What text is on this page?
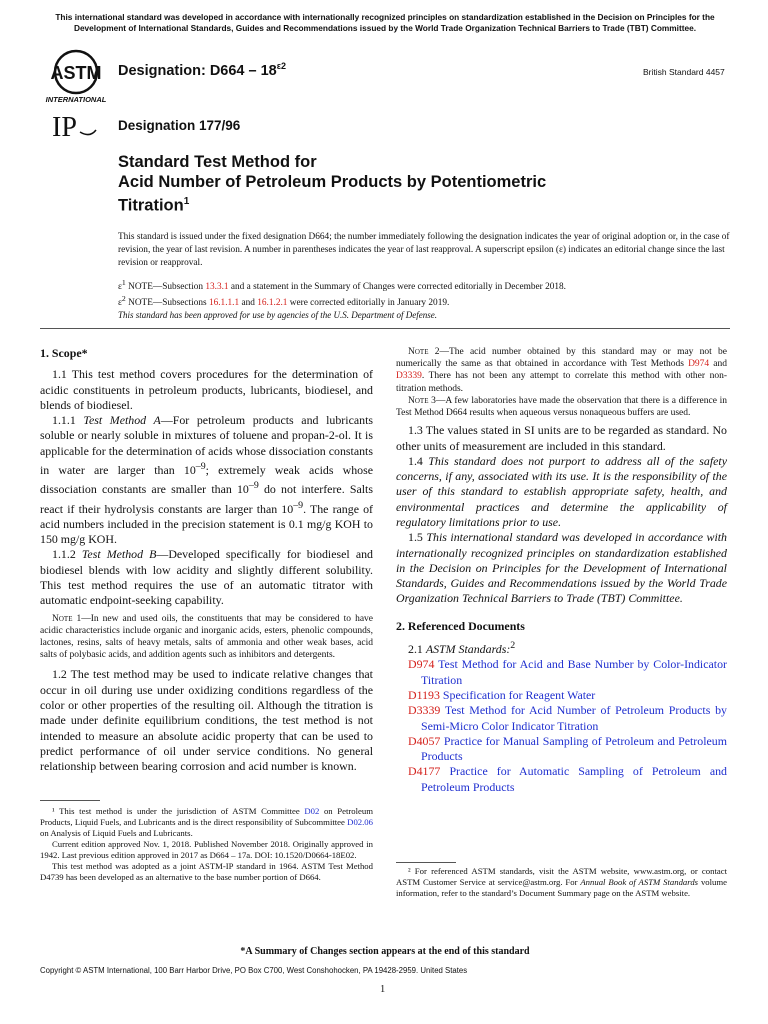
This international standard was developed in accordance with internationally recognized principles on standardization established in the Decision on Principles for the Development of International Standards, Guides and Recommendations issued by the World Trade Organization Technical Barriers to Trade (TBT) Committee.
ASTM
INTERNATIONAL
Designation: $D664 - 18^{\varepsilon 2}$
British Standard 4457
IP	Designation 177/96
Standard Test Method for
Acid Number of Petroleum Products by Potentiometric
Titration$^1$
This standard is issued under the fixed designation D664; the number immediately following the designation indicates the year of original adoption or, in the case of revision, the year of last revision. A number in parentheses indicates the year of last reapproval. A superscript epsilon (ε) indicates an editorial change since the last revision or reapproval.
$\varepsilon^1$ NOTE—Subsection 13.3.1 and a statement in the Summary of Changes were corrected editorially in December 2018.
$\varepsilon^2$ NOTE—Subsections 16.1.1.1 and 16.1.2.1 were corrected editorially in January 2019.
This standard has been approved for use by agencies of the U.S. Department of Defense.

1. Scope*

1.1 This test method covers procedures for the determination of acidic constituents in petroleum products, lubricants, biodiesel, and blends of biodiesel.

1.1.1 Test Method A—For petroleum products and lubricants soluble or nearly soluble in mixtures of toluene and propan-2-ol. It is applicable for the determination of acids whose dissociation constants in water are larger than $10^{-9}$; extremely weak acids whose dissociation constants are smaller than $10^{-9}$ do not interfere. Salts react if their hydrolysis constants are larger than $10^{-9}$. The range of acid numbers included in the precision statement is 0.1 mg/g KOH to 150 mg/g KOH.

1.1.2 Test Method B—Developed specifically for biodiesel and biodiesel blends with low acidity and slightly different solubility. This test method requires the use of an automatic titrator with automatic endpoint-seeking capability.

Note 1—In new and used oils, the constituents that may be considered to have acidic characteristics include organic and inorganic acids, esters, phenolic compounds, lactones, resins, salts of heavy metals, salts of ammonia and other weak bases, acid salts of polybasic acids, and addition agents such as inhibitors and detergents.

1.2 The test method may be used to indicate relative changes that occur in oil during use under oxidizing conditions regardless of the color or other properties of the resulting oil. Although the titration is made under definite equilibrium conditions, the test method is not intended to measure an absolute acidic property that can be used to predict performance of oil under service conditions. No general relationship between bearing corrosion and acid number is known.

¹ This test method is under the jurisdiction of ASTM Committee D02 on Petroleum Products, Liquid Fuels, and Lubricants and is the direct responsibility of Subcommittee D02.06 on Analysis of Liquid Fuels and Lubricants.
Current edition approved Nov. 1, 2018. Published November 2018. Originally approved in 1942. Last previous edition approved in 2017 as D664 – 17a. DOI: 10.1520/D0664-18E02.
This test method was adopted as a joint ASTM-IP standard in 1964. ASTM Test Method D4739 has been developed as an alternative to the base number portion of D664.

Note 2—The acid number obtained by this standard may or may not be numerically the same as that obtained in accordance with Test Methods D974 and D3339. There has not been any attempt to correlate this method with other non-titration methods.

Note 3—A few laboratories have made the observation that there is a difference in Test Method D664 results when aqueous versus nonaqueous buffers are used.

1.3 The values stated in SI units are to be regarded as standard. No other units of measurement are included in this standard.

1.4 This standard does not purport to address all of the safety concerns, if any, associated with its use. It is the responsibility of the user of this standard to establish appropriate safety, health, and environmental practices and determine the applicability of regulatory limitations prior to use.

1.5 This international standard was developed in accordance with internationally recognized principles on standardization established in the Decision on Principles for the Development of International Standards, Guides and Recommendations issued by the World Trade Organization Technical Barriers to Trade (TBT) Committee.

2. Referenced Documents

2.1 ASTM Standards:$^2$

D974 Test Method for Acid and Base Number by Color-Indicator Titration
D1193 Specification for Reagent Water
D3339 Test Method for Acid Number of Petroleum Products by Semi-Micro Color Indicator Titration
D4057 Practice for Manual Sampling of Petroleum and Petroleum Products
D4177 Practice for Automatic Sampling of Petroleum and Petroleum Products
² For referenced ASTM standards, visit the ASTM website, www.astm.org, or contact ASTM Customer Service at service@astm.org. For Annual Book of ASTM Standards volume information, refer to the standard’s Document Summary page on the ASTM website.
*A Summary of Changes section appears at the end of this standard
Copyright © ASTM International, 100 Barr Harbor Drive, PO Box C700, West Conshohocken, PA 19428-2959. United States
1
